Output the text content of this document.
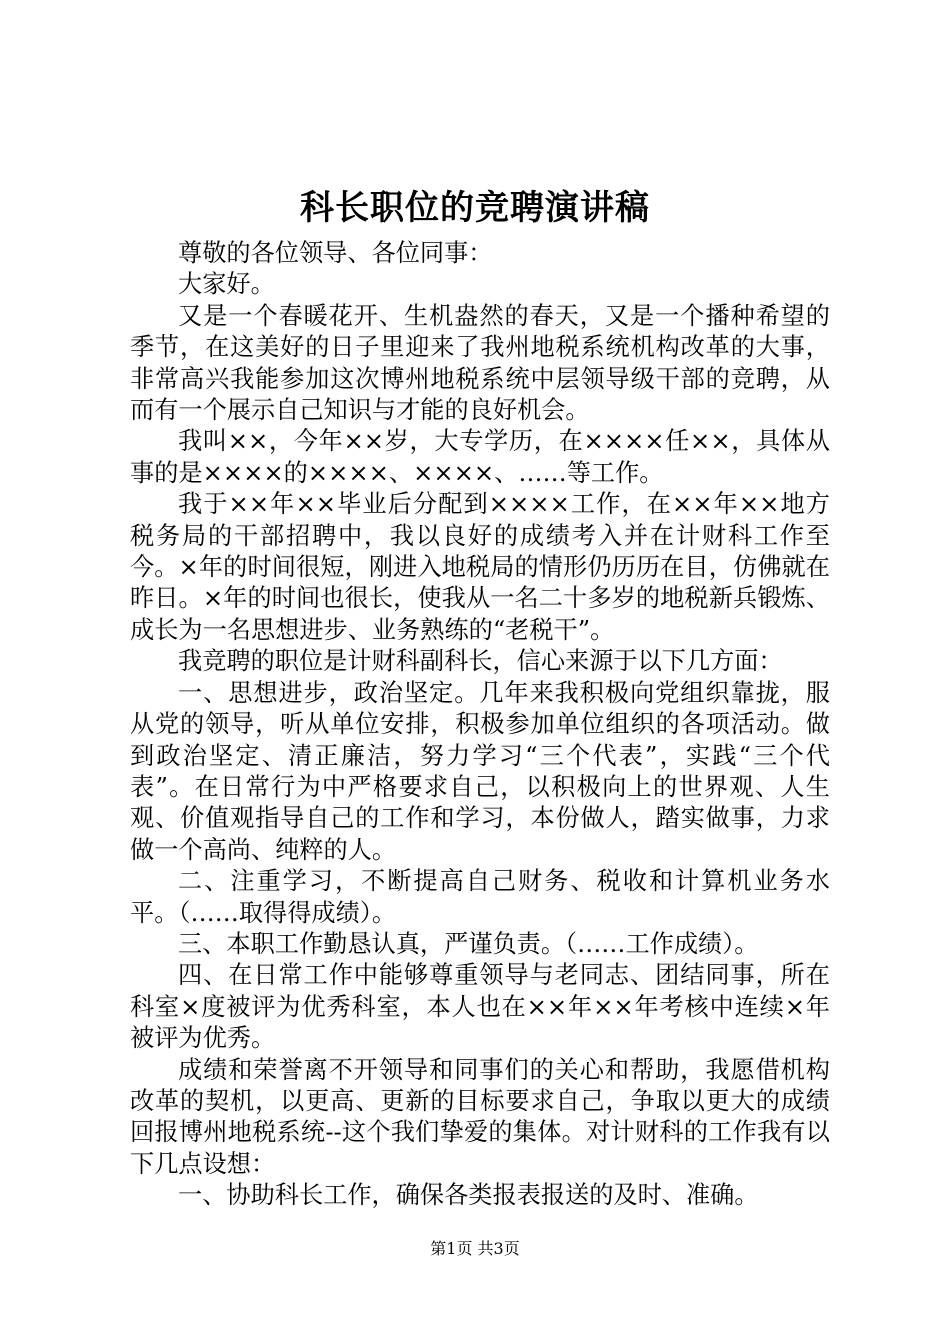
科长职位的竞聘演讲稿

尊敬的各位领导、各位同事：

大家好。

又是一个春暖花开、生机盎然的春天，又是一个播种希望的季节，在这美好的日子里迎来了我州地税系统机构改革的大事，非常高兴我能参加这次博州地税系统中层领导级干部的竞聘，从而有一个展示自己知识与才能的良好机会。

我叫××，今年××岁，大专学历，在××××任××，具体从事的是××××的××××、××××、……等工作。

我于××年××毕业后分配到××××工作，在××年××地方税务局的干部招聘中，我以良好的成绩考入并在计财科工作至今。×年的时间很短，刚进入地税局的情形仍历历在目，仿佛就在昨日。×年的时间也很长，使我从一名二十多岁的地税新兵锻炼、成长为一名思想进步、业务熟练的“老税干”。

我竞聘的职位是计财科副科长，信心来源于以下几方面：

一、思想进步，政治坚定。几年来我积极向党组织靠拢，服从党的领导，听从单位安排，积极参加单位组织的各项活动。做到政治坚定、清正廉洁，努力学习“三个代表”，实践“三个代表”。在日常行为中严格要求自己，以积极向上的世界观、人生观、价值观指导自己的工作和学习，本份做人，踏实做事，力求做一个高尚、纯粹的人。

二、注重学习，不断提高自己财务、税收和计算机业务水平。（……取得得成绩）。

三、本职工作勤恳认真，严谨负责。（……工作成绩）。

四、在日常工作中能够尊重领导与老同志、团结同事，所在科室×度被评为优秀科室，本人也在××年××年考核中连续×年被评为优秀。

成绩和荣誉离不开领导和同事们的关心和帮助，我愿借机构改革的契机，以更高、更新的目标要求自己，争取以更大的成绩回报博州地税系统--这个我们挚爱的集体。对计财科的工作我有以下几点设想：

一、协助科长工作，确保各类报表报送的及时、准确。

第1页 共3页
